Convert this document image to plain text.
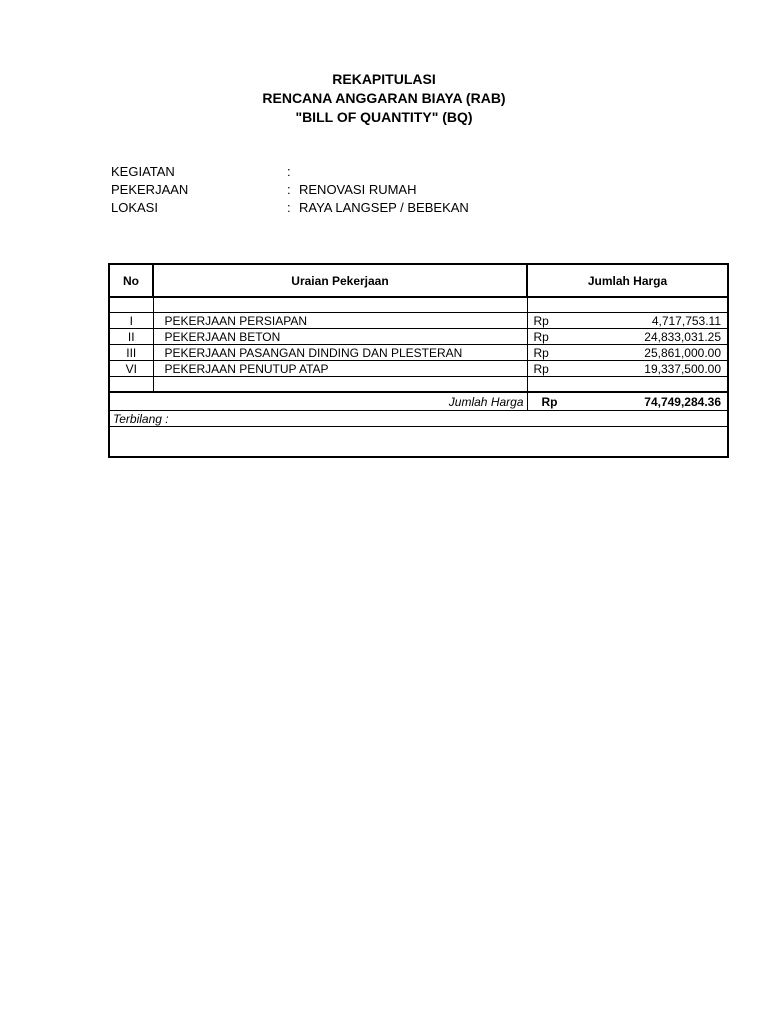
REKAPITULASI
RENCANA ANGGARAN BIAYA (RAB)
"BILL OF QUANTITY" (BQ)
KEGIATAN	:
PEKERJAAN	: RENOVASI RUMAH
LOKASI	: RAYA LANGSEP / BEBEKAN
No	Uraian Pekerjaan	Jumlah Harga	

I	PEKERJAAN PERSIAPAN	Rp	4,717,753.11
II	PEKERJAAN BETON	Rp	24,833,031.25
III	PEKERJAAN PASANGAN DINDING DAN PLESTERAN	Rp	25,861,000.00
VI	PEKERJAAN PENUTUP ATAP	Rp	19,337,500.00

Jumlah Harga		Rp	74,749,284.36
Terbilang :			
